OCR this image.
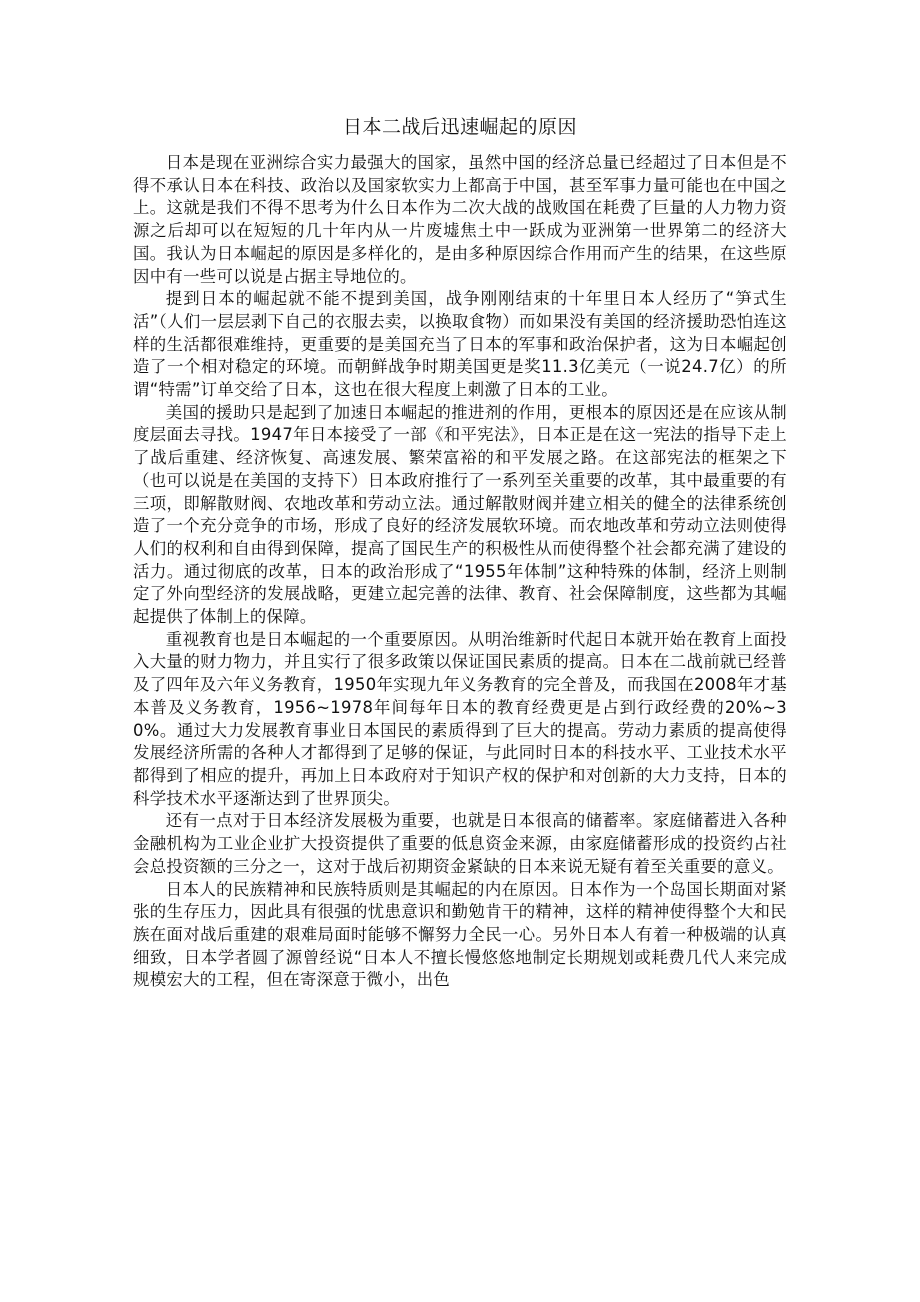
日本二战后迅速崛起的原因

日本是现在亚洲综合实力最强大的国家，虽然中国的经济总量已经超过了日本但是不得不承认日本在科技、政治以及国家软实力上都高于中国，甚至军事力量可能也在中国之上。这就是我们不得不思考为什么日本作为二次大战的战败国在耗费了巨量的人力物力资源之后却可以在短短的几十年内从一片废墟焦土中一跃成为亚洲第一世界第二的经济大国。我认为日本崛起的原因是多样化的，是由多种原因综合作用而产生的结果，在这些原因中有一些可以说是占据主导地位的。

提到日本的崛起就不能不提到美国，战争刚刚结束的十年里日本人经历了“笋式生活”（人们一层层剥下自己的衣服去卖，以换取食物）而如果没有美国的经济援助恐怕连这样的生活都很难维持，更重要的是美国充当了日本的军事和政治保护者，这为日本崛起创造了一个相对稳定的环境。而朝鲜战争时期美国更是奖11.3亿美元（一说24.7亿）的所谓“特需”订单交给了日本，这也在很大程度上刺激了日本的工业。

美国的援助只是起到了加速日本崛起的推进剂的作用，更根本的原因还是在应该从制度层面去寻找。1947年日本接受了一部《和平宪法》，日本正是在这一宪法的指导下走上了战后重建、经济恢复、高速发展、繁荣富裕的和平发展之路。在这部宪法的框架之下（也可以说是在美国的支持下）日本政府推行了一系列至关重要的改革，其中最重要的有三项，即解散财阀、农地改革和劳动立法。通过解散财阀并建立相关的健全的法律系统创造了一个充分竞争的市场，形成了良好的经济发展软环境。而农地改革和劳动立法则使得人们的权利和自由得到保障，提高了国民生产的积极性从而使得整个社会都充满了建设的活力。通过彻底的改革，日本的政治形成了“1955年体制”这种特殊的体制，经济上则制定了外向型经济的发展战略，更建立起完善的法律、教育、社会保障制度，这些都为其崛起提供了体制上的保障。

重视教育也是日本崛起的一个重要原因。从明治维新时代起日本就开始在教育上面投入大量的财力物力，并且实行了很多政策以保证国民素质的提高。日本在二战前就已经普及了四年及六年义务教育，1950年实现九年义务教育的完全普及，而我国在2008年才基本普及义务教育，1956~1978年间每年日本的教育经费更是占到行政经费的20%~30%。通过大力发展教育事业日本国民的素质得到了巨大的提高。劳动力素质的提高使得发展经济所需的各种人才都得到了足够的保证，与此同时日本的科技水平、工业技术水平都得到了相应的提升，再加上日本政府对于知识产权的保护和对创新的大力支持，日本的科学技术水平逐渐达到了世界顶尖。

还有一点对于日本经济发展极为重要，也就是日本很高的储蓄率。家庭储蓄进入各种金融机构为工业企业扩大投资提供了重要的低息资金来源，由家庭储蓄形成的投资约占社会总投资额的三分之一，这对于战后初期资金紧缺的日本来说无疑有着至关重要的意义。

日本人的民族精神和民族特质则是其崛起的内在原因。日本作为一个岛国长期面对紧张的生存压力，因此具有很强的忧患意识和勤勉肯干的精神，这样的精神使得整个大和民族在面对战后重建的艰难局面时能够不懈努力全民一心。另外日本人有着一种极端的认真细致，日本学者圆了源曾经说“日本人不擅长慢悠悠地制定长期规划或耗费几代人来完成规模宏大的工程，但在寄深意于微小，出色
